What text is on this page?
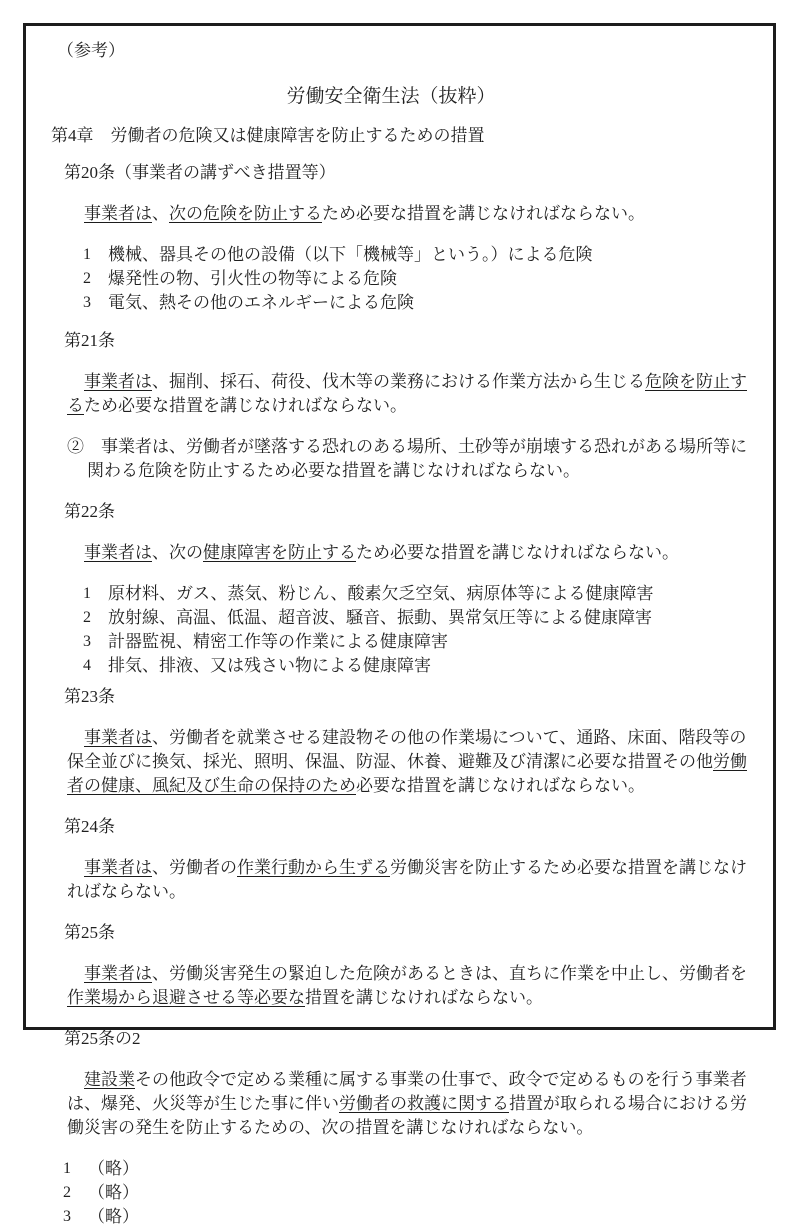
（参考）
労働安全衛生法（抜粋）
第4章　労働者の危険又は健康障害を防止するための措置
第20条（事業者の講ずべき措置等）

事業者は、次の危険を防止するため必要な措置を講じなければならない。

1	機械、器具その他の設備（以下「機械等」という。）による危険
2	爆発性の物、引火性の物等による危険
3	電気、熱その他のエネルギーによる危険
第21条

事業者は、掘削、採石、荷役、伐木等の業務における作業方法から生じる危険を防止するため必要な措置を講じなければならない。

②　事業者は、労働者が墜落する恐れのある場所、土砂等が崩壊する恐れがある場所等に関わる危険を防止するため必要な措置を講じなければならない。

第22条

事業者は、次の健康障害を防止するため必要な措置を講じなければならない。

1	原材料、ガス、蒸気、粉じん、酸素欠乏空気、病原体等による健康障害
2	放射線、高温、低温、超音波、騒音、振動、異常気圧等による健康障害
3	計器監視、精密工作等の作業による健康障害
4	排気、排液、又は残さい物による健康障害
第23条

事業者は、労働者を就業させる建設物その他の作業場について、通路、床面、階段等の保全並びに換気、採光、照明、保温、防湿、休養、避難及び清潔に必要な措置その他労働者の健康、風紀及び生命の保持のため必要な措置を講じなければならない。

第24条

事業者は、労働者の作業行動から生ずる労働災害を防止するため必要な措置を講じなければならない。

第25条

事業者は、労働災害発生の緊迫した危険があるときは、直ちに作業を中止し、労働者を作業場から退避させる等必要な措置を講じなければならない。

第25条の2

建設業その他政令で定める業種に属する事業の仕事で、政令で定めるものを行う事業者は、爆発、火災等が生じた事に伴い労働者の救護に関する措置が取られる場合における労働災害の発生を防止するための、次の措置を講じなければならない。

1	（略）
2	（略）
3	（略）
